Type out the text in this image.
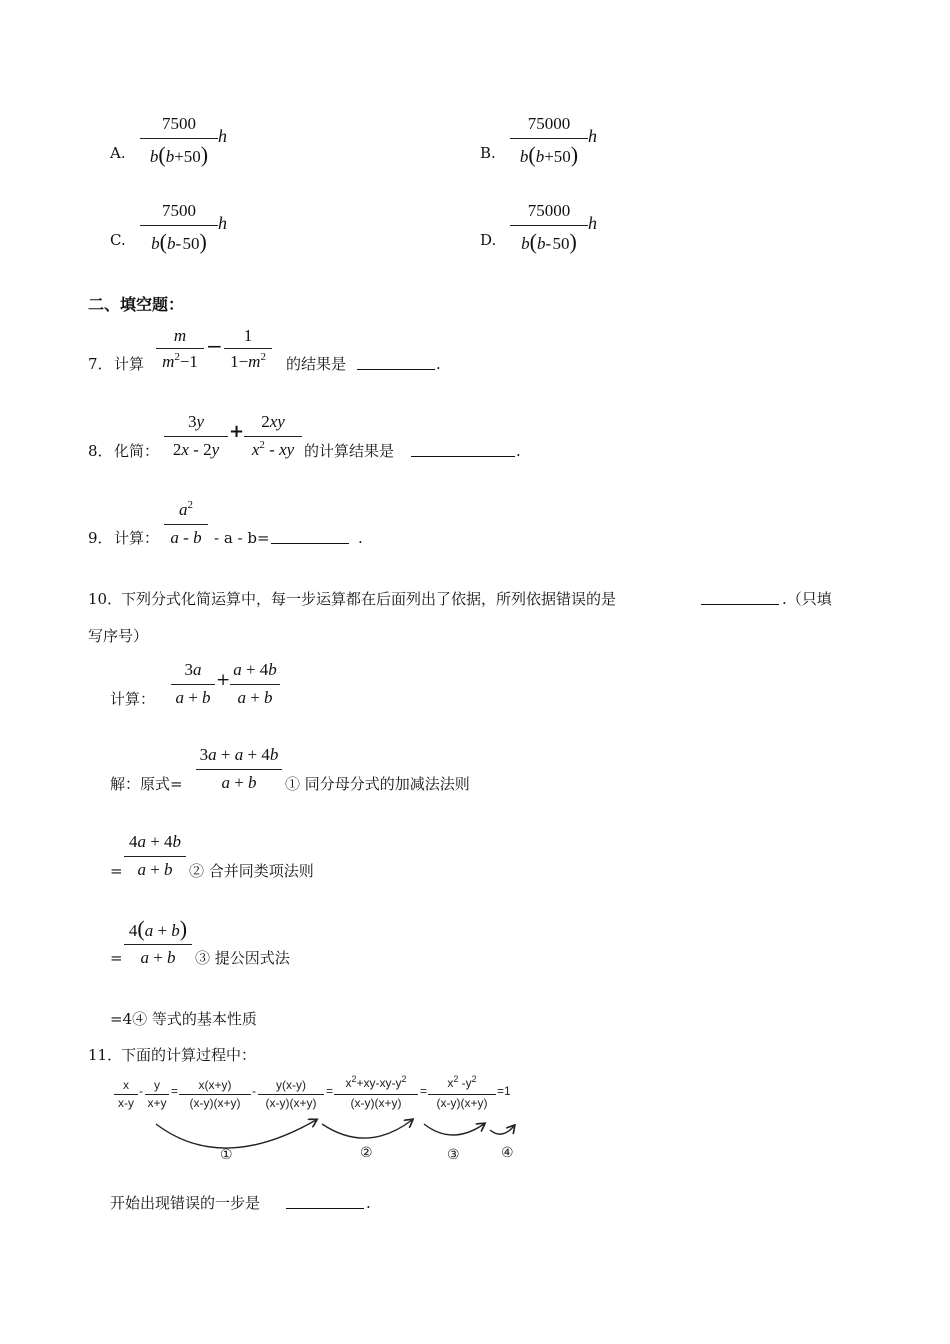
A.
7500
b(b+50)
h
B.
75000
b(b+50)
h
C.
7500
b(b- 50)
h
D.
75000
b(b- 50)
h
二、填空题：
7． 计算
m
$m^2-1$
−	1
$1-m^2$	的结果是	.
8． 化简：
3y
2x - 2y
+	2xy
$x^2$ - xy 的计算结果是	.
9． 计算：
$a^2$
a - b - a - b=	.
10．
下列分式化简运算中，每一步运算都在后面列出了依据，所列依据错误的是	.（只填
写序号）
计算：
3a
a + b
+
a + 4b
a + b
解：原式=
3a + a + 4b
a + b	① 同分母分式的加减法法则
=
4a + 4b
a + b	② 合并同类项法则
=
4(a + b)
a + b	③ 提公因式法
=4④ 等式的基本性质
11．
下面的计算过程中：
x
x-y
- y
x+y
=	x(x+y)
(x-y)(x+y)
-	y(x-y)
(x-y)(x+y)
=
$x^2+xy-xy-y^2$
(x-y)(x+y)
=
$x^2$ $-y^2$
(x-y)(x+y)
=1
①	②	③	④
开始出现错误的一步是	.
